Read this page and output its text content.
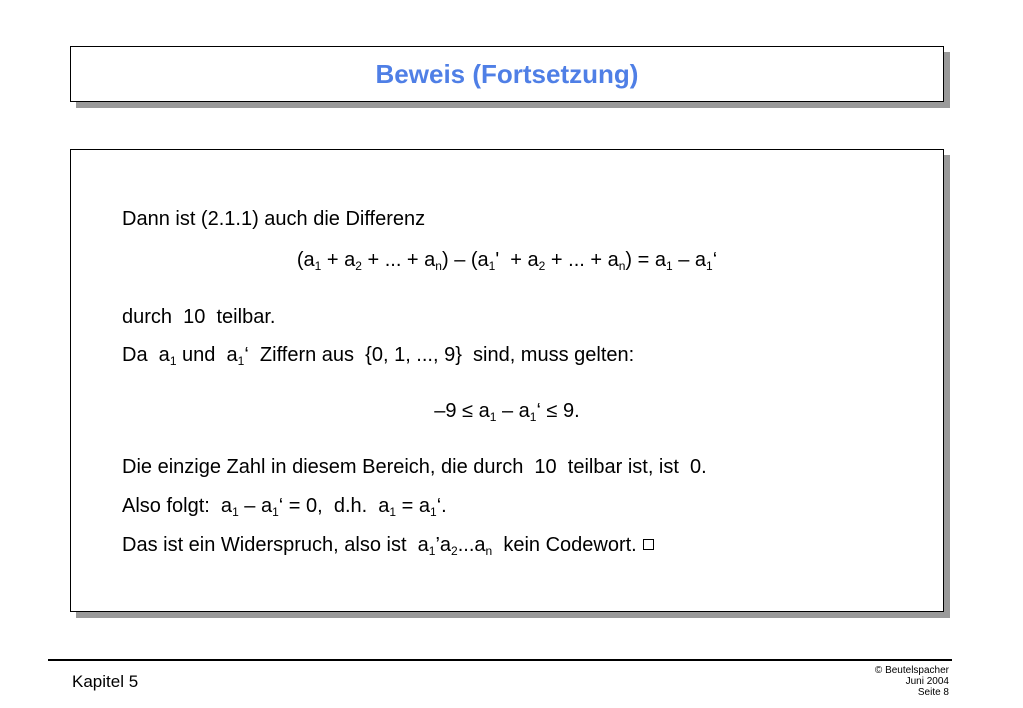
Beweis (Fortsetzung)
Dann ist (2.1.1) auch die Differenz
($a_1 + a_2$ + ... + $a_n) - (a_1' + a_2$ + ... + $a_n) = a_1$ – $a_1‘$
durch  10  teilbar.
Da  $a_1$ und  $a_1‘$  Ziffern aus  {0, 1, ..., 9}  sind, muss gelten:
$-9 \le a_1$ – $a_1‘ \le 9$.
Die einzige Zahl in diesem Bereich, die durch  10  teilbar ist, ist  0.
Also folgt:  $a_1$ – $a_1‘ = 0$,  d.h.  $a_1$ = $a_1‘$.
Das ist ein Widerspruch, also ist  $a_1’a_2...a_n$  kein Codewort.
Kapitel 5
© Beutelspacher
Juni 2004
Seite 8
